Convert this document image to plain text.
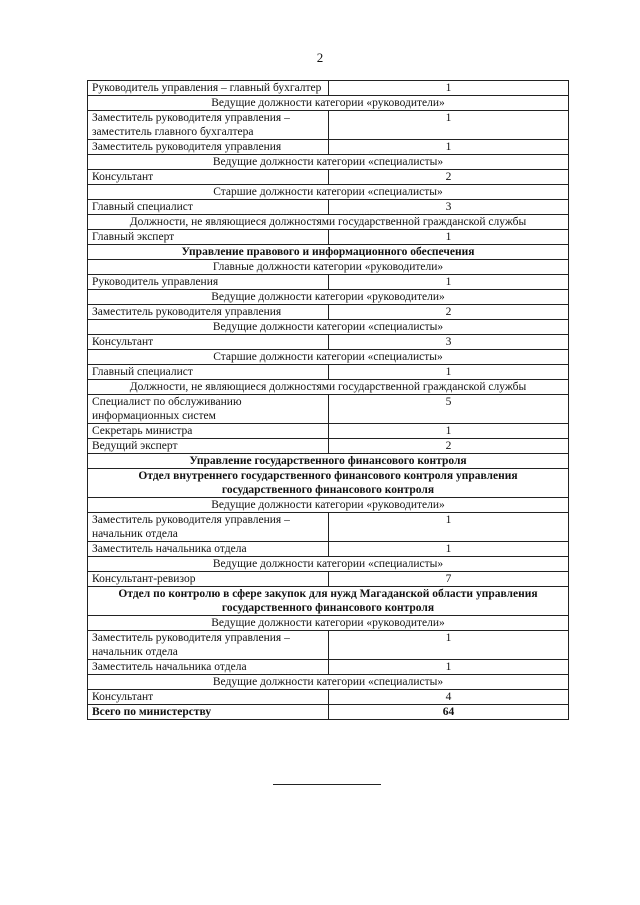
2
Руководитель управления – главный бухгалтер	1
Ведущие должности категории «руководители»	
Заместитель руководителя управления – заместитель главного бухгалтера	1
Заместитель руководителя управления	1
Ведущие должности категории «специалисты»	
Консультант	2
Старшие должности категории «специалисты»	
Главный специалист	3
Должности, не являющиеся должностями государственной гражданской службы	
Главный эксперт	1
Управление правового и информационного обеспечения	
Главные должности категории «руководители»	
Руководитель управления	1
Ведущие должности категории «руководители»	
Заместитель руководителя управления	2
Ведущие должности категории «специалисты»	
Консультант	3
Старшие должности категории «специалисты»	
Главный специалист	1
Должности, не являющиеся должностями государственной гражданской службы	
Специалист по обслуживанию информационных систем	5
Секретарь министра	1
Ведущий эксперт	2
Управление государственного финансового контроля	
Отдел внутреннего государственного финансового контроля управления государственного финансового контроля	
Ведущие должности категории «руководители»	
Заместитель руководителя управления – начальник отдела	1
Заместитель начальника отдела	1
Ведущие должности категории «специалисты»	
Консультант-ревизор	7
Отдел по контролю в сфере закупок для нужд Магаданской области управления государственного финансового контроля	
Ведущие должности категории «руководители»	
Заместитель руководителя управления – начальник отдела	1
Заместитель начальника отдела	1
Ведущие должности категории «специалисты»	
Консультант	4
Всего по министерству	64
